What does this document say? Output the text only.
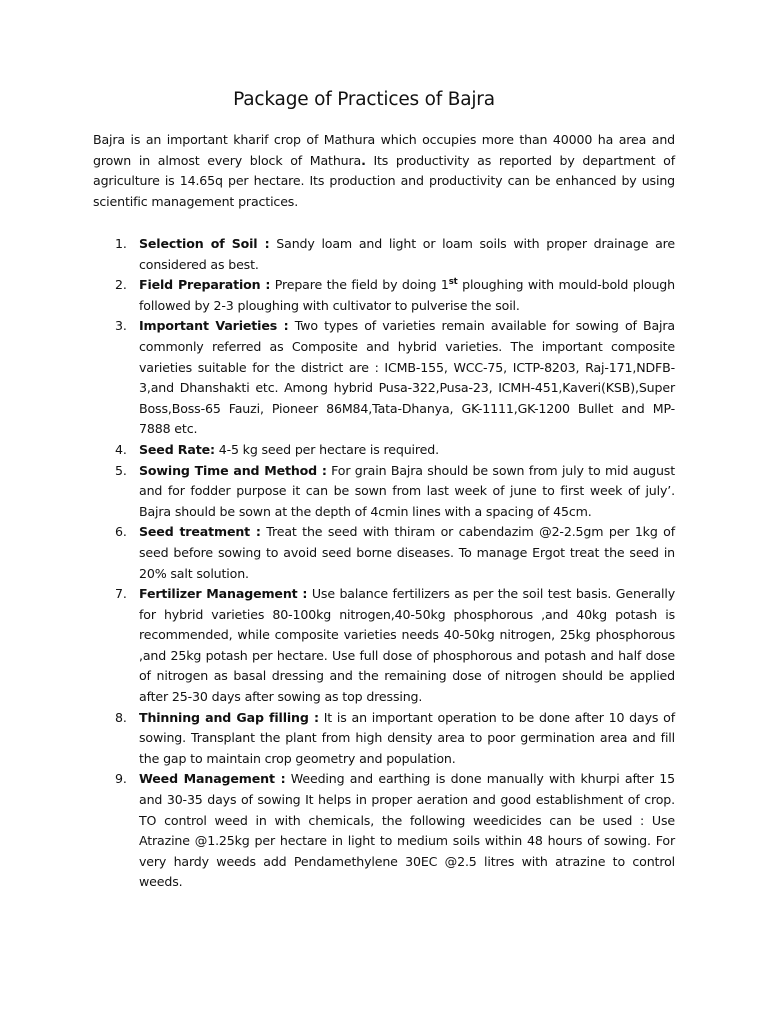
Package of Practices of Bajra

Bajra is an important kharif crop of Mathura which occupies more than 40000 ha area and grown in almost every block of Mathura. Its productivity as reported by department of agriculture is 14.65q per hectare. Its production and productivity can be enhanced by using scientific management practices.

1. Selection of Soil : Sandy loam and light or loam soils with proper drainage are considered as best.
2. Field Preparation : Prepare the field by doing 1st ploughing with mould-bold plough followed by 2-3 ploughing with cultivator to pulverise the soil.
3. Important Varieties : Two types of varieties remain available for sowing of Bajra commonly referred as Composite and hybrid varieties. The important composite varieties suitable for the district are : ICMB-155, WCC-75, ICTP-8203, Raj-171,NDFB-3,and Dhanshakti etc. Among hybrid Pusa-322,Pusa-23, ICMH-451,Kaveri(KSB),Super Boss,Boss-65 Fauzi, Pioneer 86M84,Tata-Dhanya, GK-1111,GK-1200 Bullet and MP-7888 etc.
4. Seed Rate: 4-5 kg seed per hectare is required.
5. Sowing Time and Method : For grain Bajra should be sown from july to mid august and for fodder purpose it can be sown from last week of june to first week of july’. Bajra should be sown at the depth of 4cmin lines with a spacing of 45cm.
6. Seed treatment : Treat the seed with thiram or cabendazim @2-2.5gm per 1kg of seed before sowing to avoid seed borne diseases. To manage Ergot treat the seed in 20% salt solution.
7. Fertilizer Management : Use balance fertilizers as per the soil test basis. Generally for hybrid varieties 80-100kg nitrogen,40-50kg phosphorous ,and 40kg potash is recommended, while composite varieties needs 40-50kg nitrogen, 25kg phosphorous ,and 25kg potash per hectare. Use full dose of phosphorous and potash and half dose of nitrogen as basal dressing and the remaining dose of nitrogen should be applied after 25-30 days after sowing as top dressing.
8. Thinning and Gap filling : It is an important operation to be done after 10 days of sowing. Transplant the plant from high density area to poor germination area and fill the gap to maintain crop geometry and population.
9. Weed Management : Weeding and earthing is done manually with khurpi after 15 and 30-35 days of sowing It helps in proper aeration and good establishment of crop. TO control weed in with chemicals, the following weedicides can be used : Use Atrazine @1.25kg per hectare in light to medium soils within 48 hours of sowing. For very hardy weeds add Pendamethylene 30EC @2.5 litres with atrazine to control weeds.
